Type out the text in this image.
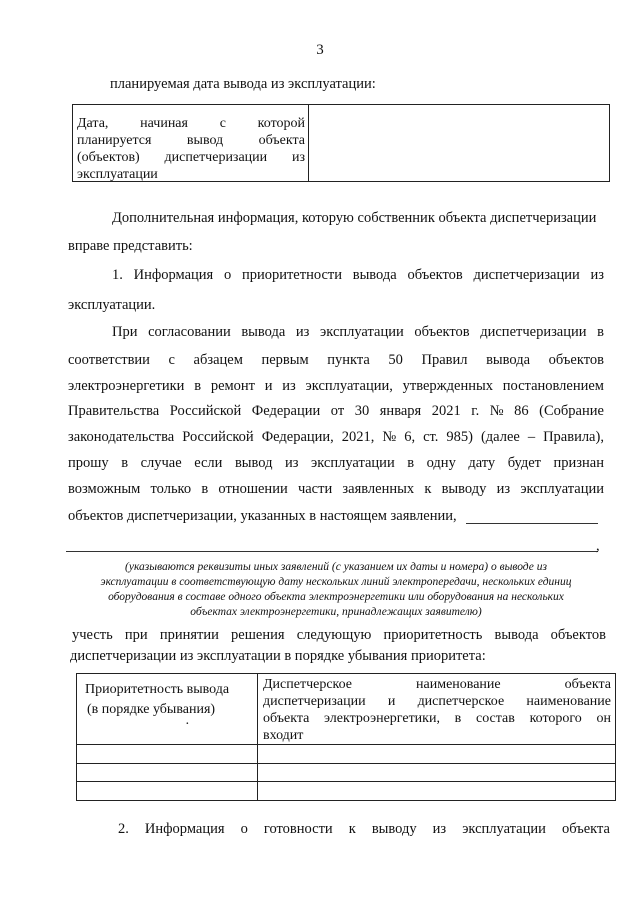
3
планируемая дата вывода из эксплуатации:
Дата, начиная с которой
планируется	вывод	объекта
(объектов) диспетчеризации из
эксплуатации
Дополнительная информация, которую собственник объекта диспетчеризации
вправе представить:
1. Информация о приоритетности вывода объектов диспетчеризации из
эксплуатации.
При согласовании вывода из эксплуатации объектов диспетчеризации в
соответствии с абзацем первым пункта 50 Правил вывода объектов
электроэнергетики в ремонт и из эксплуатации, утвержденных постановлением
Правительства Российской Федерации от 30 января 2021 г. № 86 (Собрание
законодательства Российской Федерации, 2021, № 6, ст. 985) (далее – Правила),
прошу в случае если вывод из эксплуатации в одну дату будет признан
возможным только в отношении части заявленных к выводу из эксплуатации
объектов диспетчеризации, указанных в настоящем заявлении,
,
(указываются реквизиты иных заявлений (с указанием их даты и номера) о выводе из
эксплуатации в соответствующую дату нескольких линий электропередачи, нескольких единиц
оборудования в составе одного объекта электроэнергетики или оборудования на нескольких
объектах электроэнергетики, принадлежащих заявителю)
учесть при принятии решения следующую приоритетность вывода объектов
диспетчеризации из эксплуатации в порядке убывания приоритета:
Приоритетность вывода
(в порядке убывания)
·
Диспетчерское	наименование	объекта
диспетчеризации и диспетчерское наименование
объекта электроэнергетики, в состав которого он
входит
2. Информация о готовности к выводу из эксплуатации объекта
